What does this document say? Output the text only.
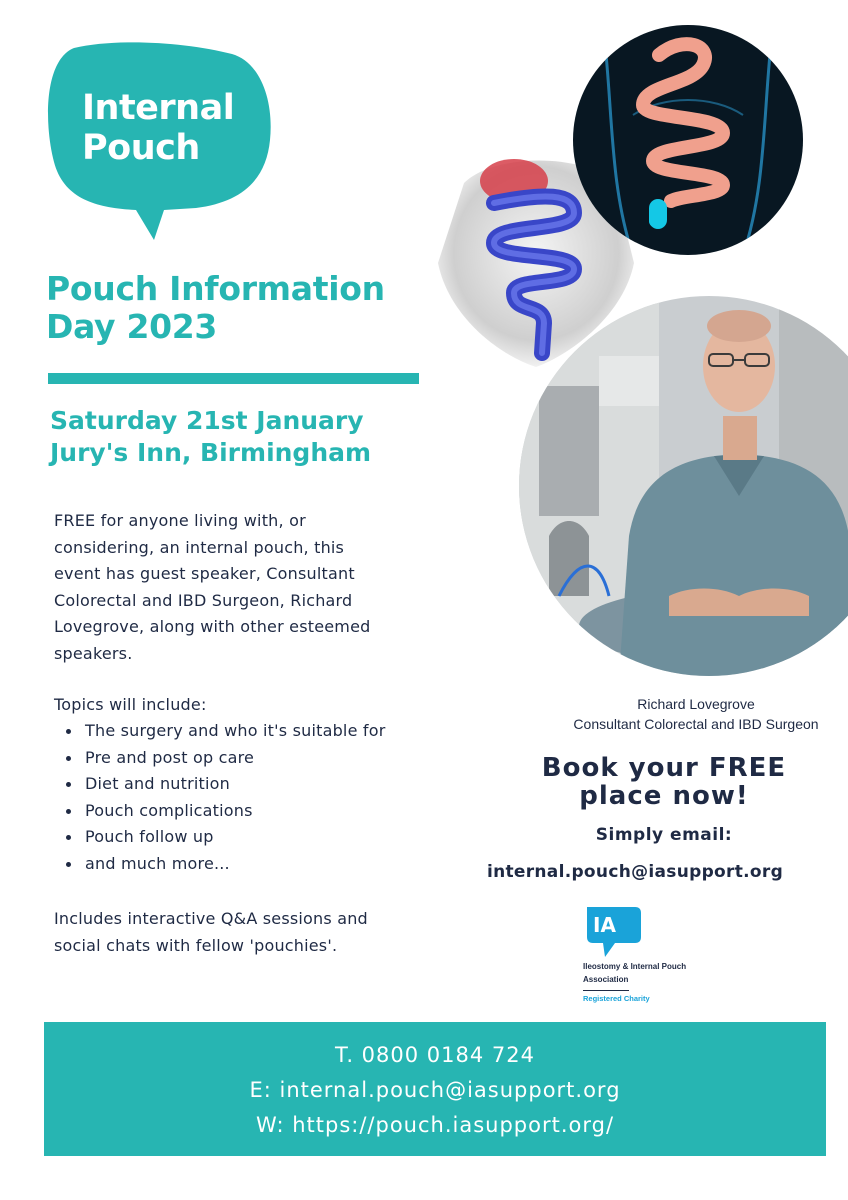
Internal
Pouch
Pouch Information
Day 2023
Saturday 21st January
Jury's Inn, Birmingham
FREE for anyone living with, or
considering, an internal pouch, this
event has guest speaker, Consultant
Colorectal and IBD Surgeon, Richard
Lovegrove, along with other esteemed
speakers.
Topics will include:
The surgery and who it's suitable for
Pre and post op care
Diet and nutrition
Pouch complications
Pouch follow up
and much more...
Includes interactive Q&A sessions and
social chats with fellow 'pouchies'.
Richard Lovegrove
Consultant Colorectal and IBD Surgeon
Book your FREE
place now!
Simply email:
internal.pouch@iasupport.org
IA
Ileostomy & Internal Pouch
Association
Registered Charity
T. 0800 0184 724
E: internal.pouch@iasupport.org
W: https://pouch.iasupport.org/
